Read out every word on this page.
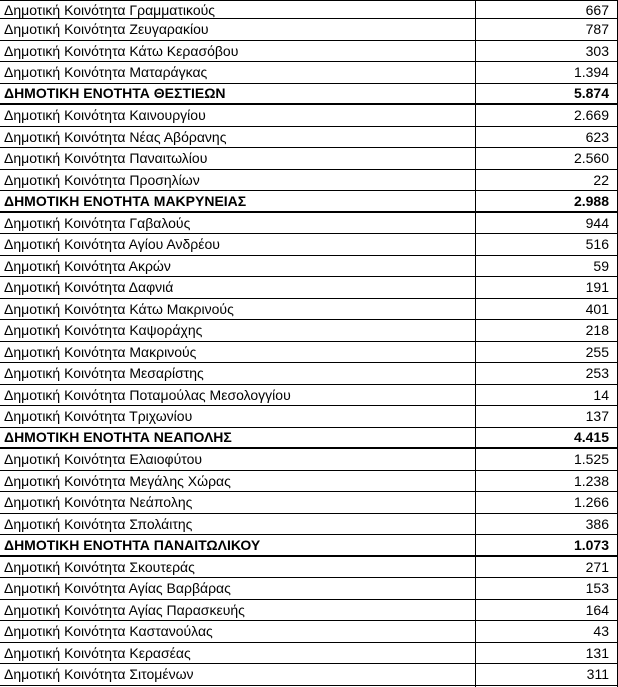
Δημοτική Κοινότητα Γραμματικούς	667
Δημοτική Κοινότητα Ζευγαρακίου	787
Δημοτική Κοινότητα Κάτω Κερασόβου	303
Δημοτική Κοινότητα Ματαράγκας	1.394
ΔΗΜΟΤΙΚΗ ΕΝΟΤΗΤΑ ΘΕΣΤΙΕΩΝ	5.874
Δημοτική Κοινότητα Καινουργίου	2.669
Δημοτική Κοινότητα Νέας Αβόρανης	623
Δημοτική Κοινότητα Παναιτωλίου	2.560
Δημοτική Κοινότητα Προσηλίων	22
ΔΗΜΟΤΙΚΗ ΕΝΟΤΗΤΑ ΜΑΚΡΥΝΕΙΑΣ	2.988
Δημοτική Κοινότητα Γαβαλούς	944
Δημοτική Κοινότητα Αγίου Ανδρέου	516
Δημοτική Κοινότητα Ακρών	59
Δημοτική Κοινότητα Δαφνιά	191
Δημοτική Κοινότητα Κάτω Μακρινούς	401
Δημοτική Κοινότητα Καψοράχης	218
Δημοτική Κοινότητα Μακρινούς	255
Δημοτική Κοινότητα Μεσαρίστης	253
Δημοτική Κοινότητα Ποταμούλας Μεσολογγίου	14
Δημοτική Κοινότητα Τριχωνίου	137
ΔΗΜΟΤΙΚΗ ΕΝΟΤΗΤΑ ΝΕΑΠΟΛΗΣ	4.415
Δημοτική Κοινότητα Ελαιοφύτου	1.525
Δημοτική Κοινότητα Μεγάλης Χώρας	1.238
Δημοτική Κοινότητα Νεάπολης	1.266
Δημοτική Κοινότητα Σπολάιτης	386
ΔΗΜΟΤΙΚΗ ΕΝΟΤΗΤΑ ΠΑΝΑΙΤΩΛΙΚΟΥ	1.073
Δημοτική Κοινότητα Σκουτεράς	271
Δημοτική Κοινότητα Αγίας Βαρβάρας	153
Δημοτική Κοινότητα Αγίας Παρασκευής	164
Δημοτική Κοινότητα Καστανούλας	43
Δημοτική Κοινότητα Κερασέας	131
Δημοτική Κοινότητα Σιτομένων	311
